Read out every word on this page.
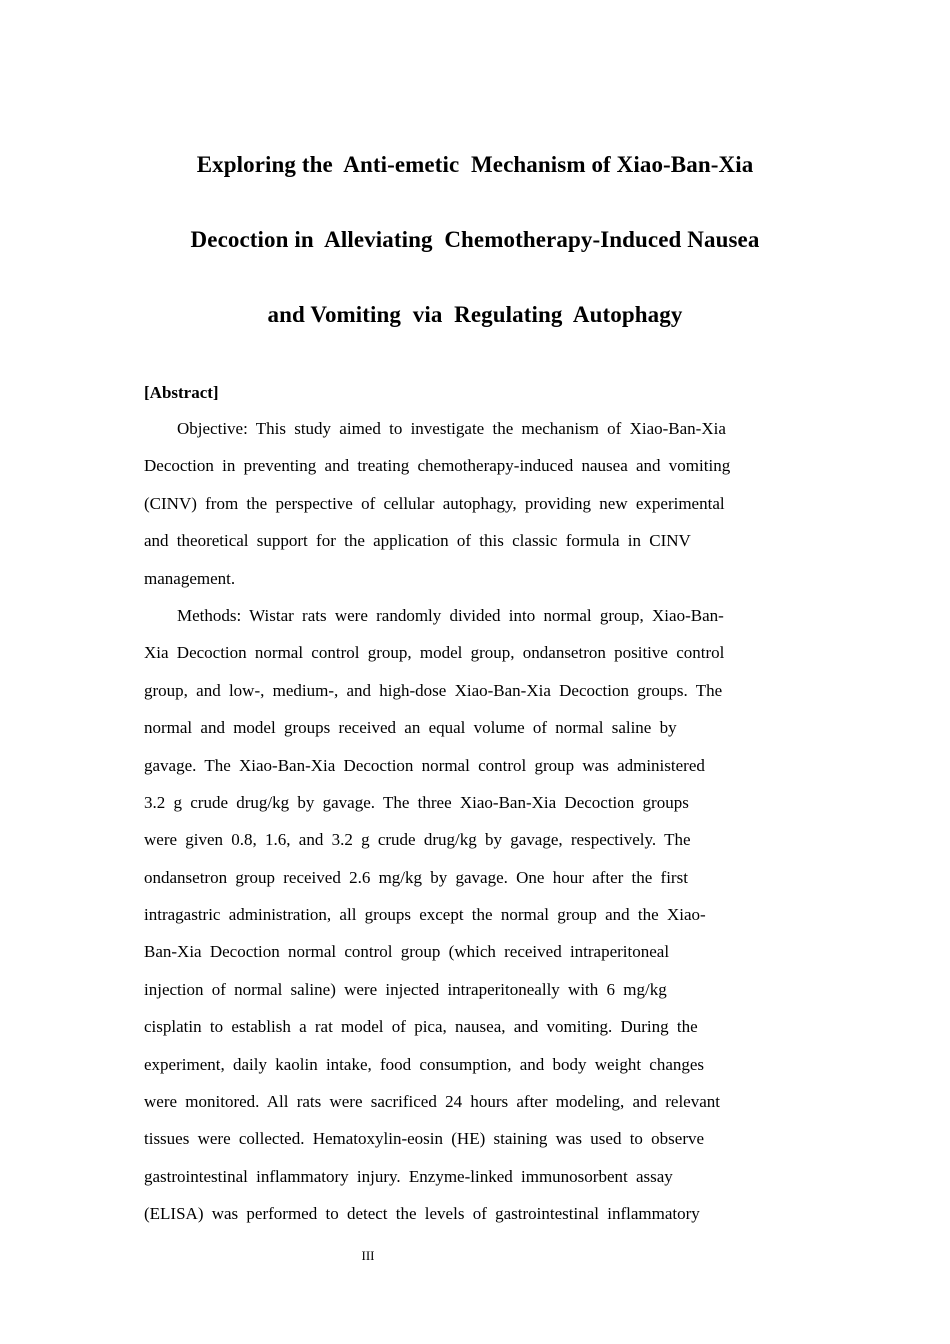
Exploring the  Anti-emetic  Mechanism of Xiao-Ban-Xia
Decoction in  Alleviating  Chemotherapy-Induced Nausea
and Vomiting  via  Regulating  Autophagy
[Abstract]
Objective: This study aimed to investigate the mechanism of Xiao-Ban-Xia
Decoction in preventing and treating chemotherapy-induced nausea and vomiting
(CINV) from the perspective of cellular autophagy, providing new experimental
and theoretical support for the application of this classic formula in CINV
management.
Methods: Wistar rats were randomly divided into normal group, Xiao-Ban-
Xia Decoction normal control group, model group, ondansetron positive control
group, and low-, medium-, and high-dose Xiao-Ban-Xia Decoction groups. The
normal and model groups received an equal volume of normal saline by
gavage. The Xiao-Ban-Xia Decoction normal control group was administered
3.2 g crude drug/kg by gavage. The three Xiao-Ban-Xia Decoction groups
were given 0.8, 1.6, and 3.2 g crude drug/kg by gavage, respectively. The
ondansetron group received 2.6 mg/kg by gavage. One hour after the first
intragastric administration, all groups except the normal group and the Xiao-
Ban-Xia Decoction normal control group (which received intraperitoneal
injection of normal saline) were injected intraperitoneally with 6 mg/kg
cisplatin to establish a rat model of pica, nausea, and vomiting. During the
experiment, daily kaolin intake, food consumption, and body weight changes
were monitored. All rats were sacrificed 24 hours after modeling, and relevant
tissues were collected. Hematoxylin-eosin (HE) staining was used to observe
gastrointestinal inflammatory injury. Enzyme-linked immunosorbent assay
(ELISA) was performed to detect the levels of gastrointestinal inflammatory
III
